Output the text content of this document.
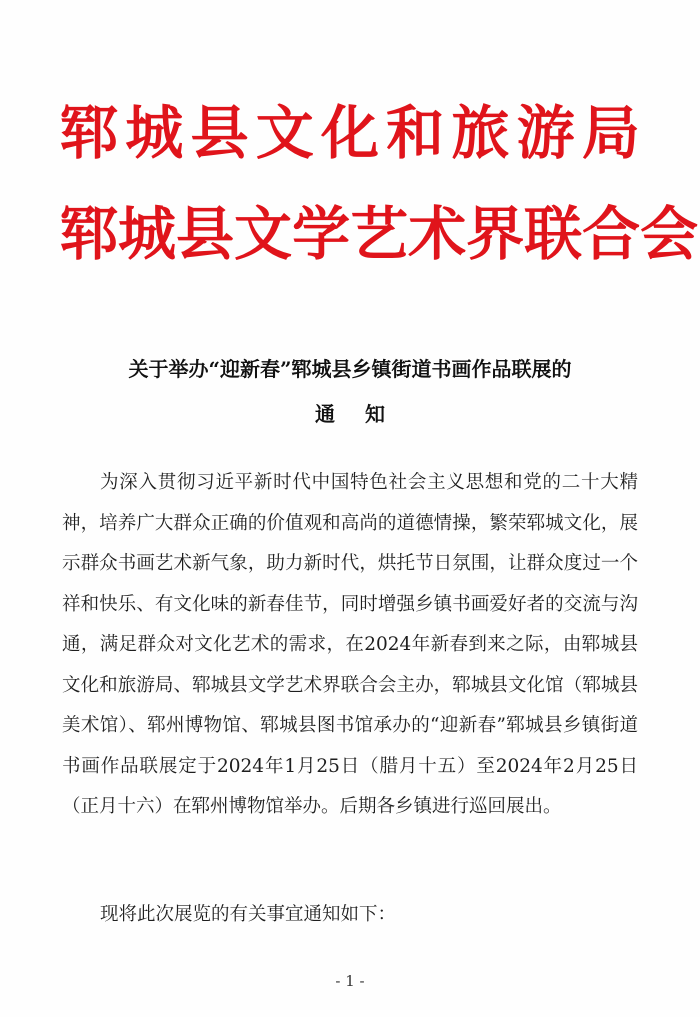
郓 城 县 文 化 和 旅 游 局
郓 城 县 文 学 艺 术 界 联 合 会
关于举办“迎新春”郓城县乡镇街道书画作品联展的
通知
为深入贯彻习近平新时代中国特色社会主义思想和党的二十大精神，培养广大群众正确的价值观和高尚的道德情操，繁荣郓城文化，展示群众书画艺术新气象，助力新时代，烘托节日氛围，让群众度过一个祥和快乐、有文化味的新春佳节，同时增强乡镇书画爱好者的交流与沟通，满足群众对文化艺术的需求，在2024年新春到来之际，由郓城县文化和旅游局、郓城县文学艺术界联合会主办，郓城县文化馆（郓城县美术馆）、郓州博物馆、郓城县图书馆承办的“迎新春”郓城县乡镇街道书画作品联展定于2024年1月25日（腊月十五）至2024年2月25日（正月十六）在郓州博物馆举办。后期各乡镇进行巡回展出。
现将此次展览的有关事宜通知如下：
- 1 -
